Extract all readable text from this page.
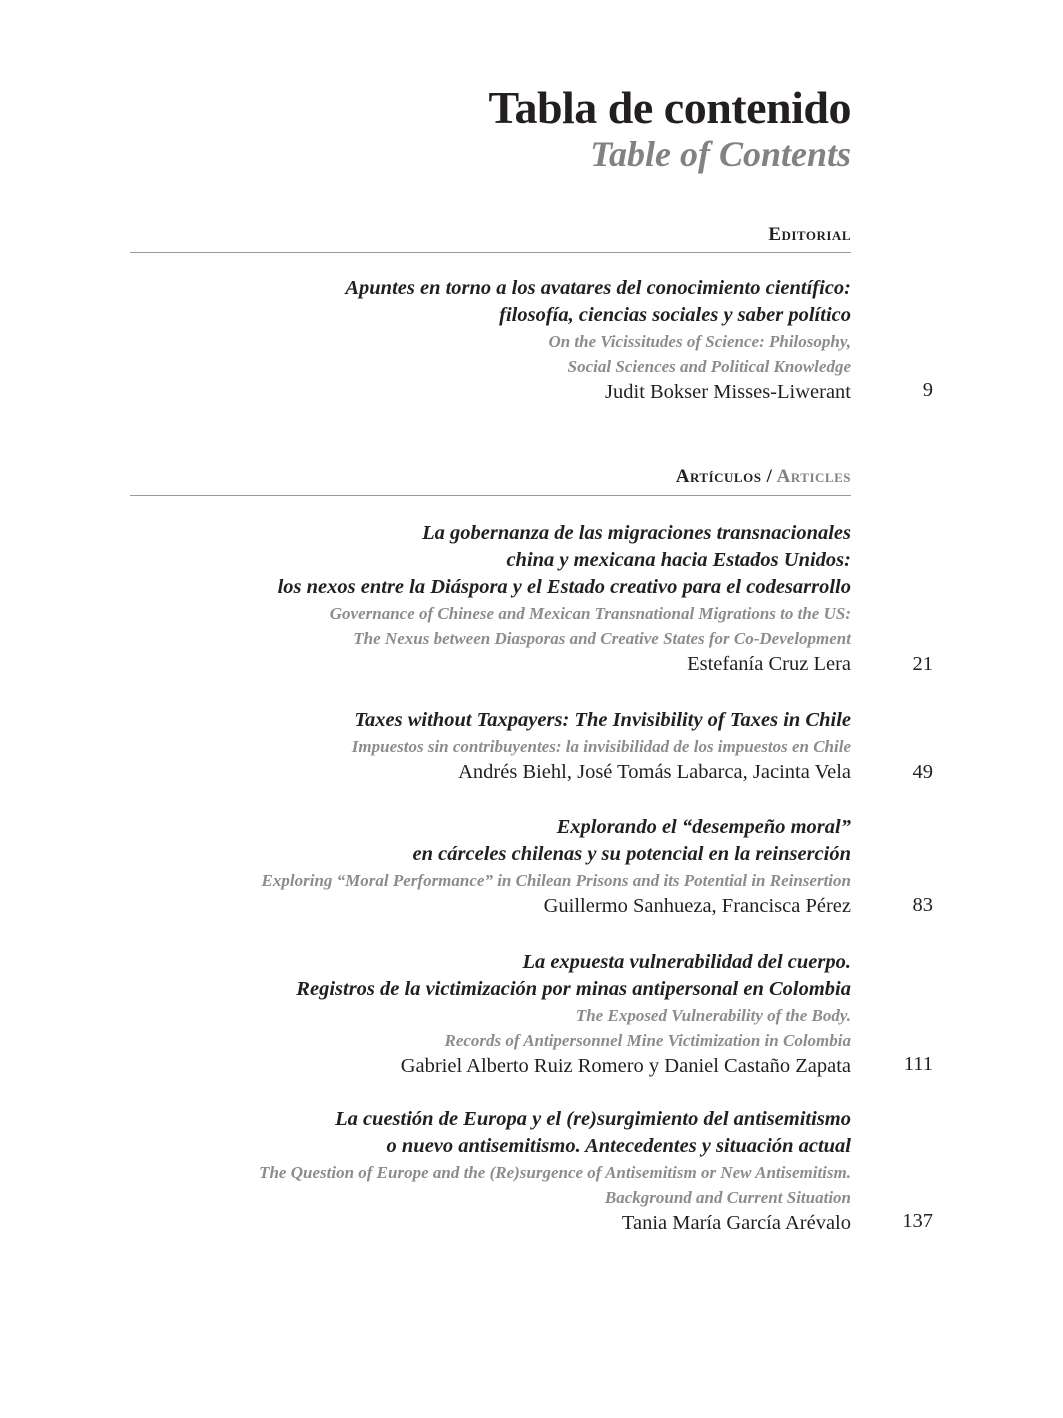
Tabla de contenido
Table of Contents
Editorial
Apuntes en torno a los avatares del conocimiento científico:
filosofía, ciencias sociales y saber político
On the Vicissitudes of Science: Philosophy,
Social Sciences and Political Knowledge
Judit Bokser Misses-Liwerant	9
Artículos / Articles
La gobernanza de las migraciones transnacionales
china y mexicana hacia Estados Unidos:
los nexos entre la Diáspora y el Estado creativo para el codesarrollo
Governance of Chinese and Mexican Transnational Migrations to the US:
The Nexus between Diasporas and Creative States for Co-Development
Estefanía Cruz Lera	21
Taxes without Taxpayers: The Invisibility of Taxes in Chile
Impuestos sin contribuyentes: la invisibilidad de los impuestos en Chile
Andrés Biehl, José Tomás Labarca, Jacinta Vela	49
Explorando el “desempeño moral”
en cárceles chilenas y su potencial en la reinserción
Exploring “Moral Performance” in Chilean Prisons and its Potential in Reinsertion
Guillermo Sanhueza, Francisca Pérez	83
La expuesta vulnerabilidad del cuerpo.
Registros de la victimización por minas antipersonal en Colombia
The Exposed Vulnerability of the Body.
Records of Antipersonnel Mine Victimization in Colombia
Gabriel Alberto Ruiz Romero y Daniel Castaño Zapata	111
La cuestión de Europa y el (re)surgimiento del antisemitismo
o nuevo antisemitismo. Antecedentes y situación actual
The Question of Europe and the (Re)surgence of Antisemitism or New Antisemitism.
Background and Current Situation
Tania María García Arévalo	137
